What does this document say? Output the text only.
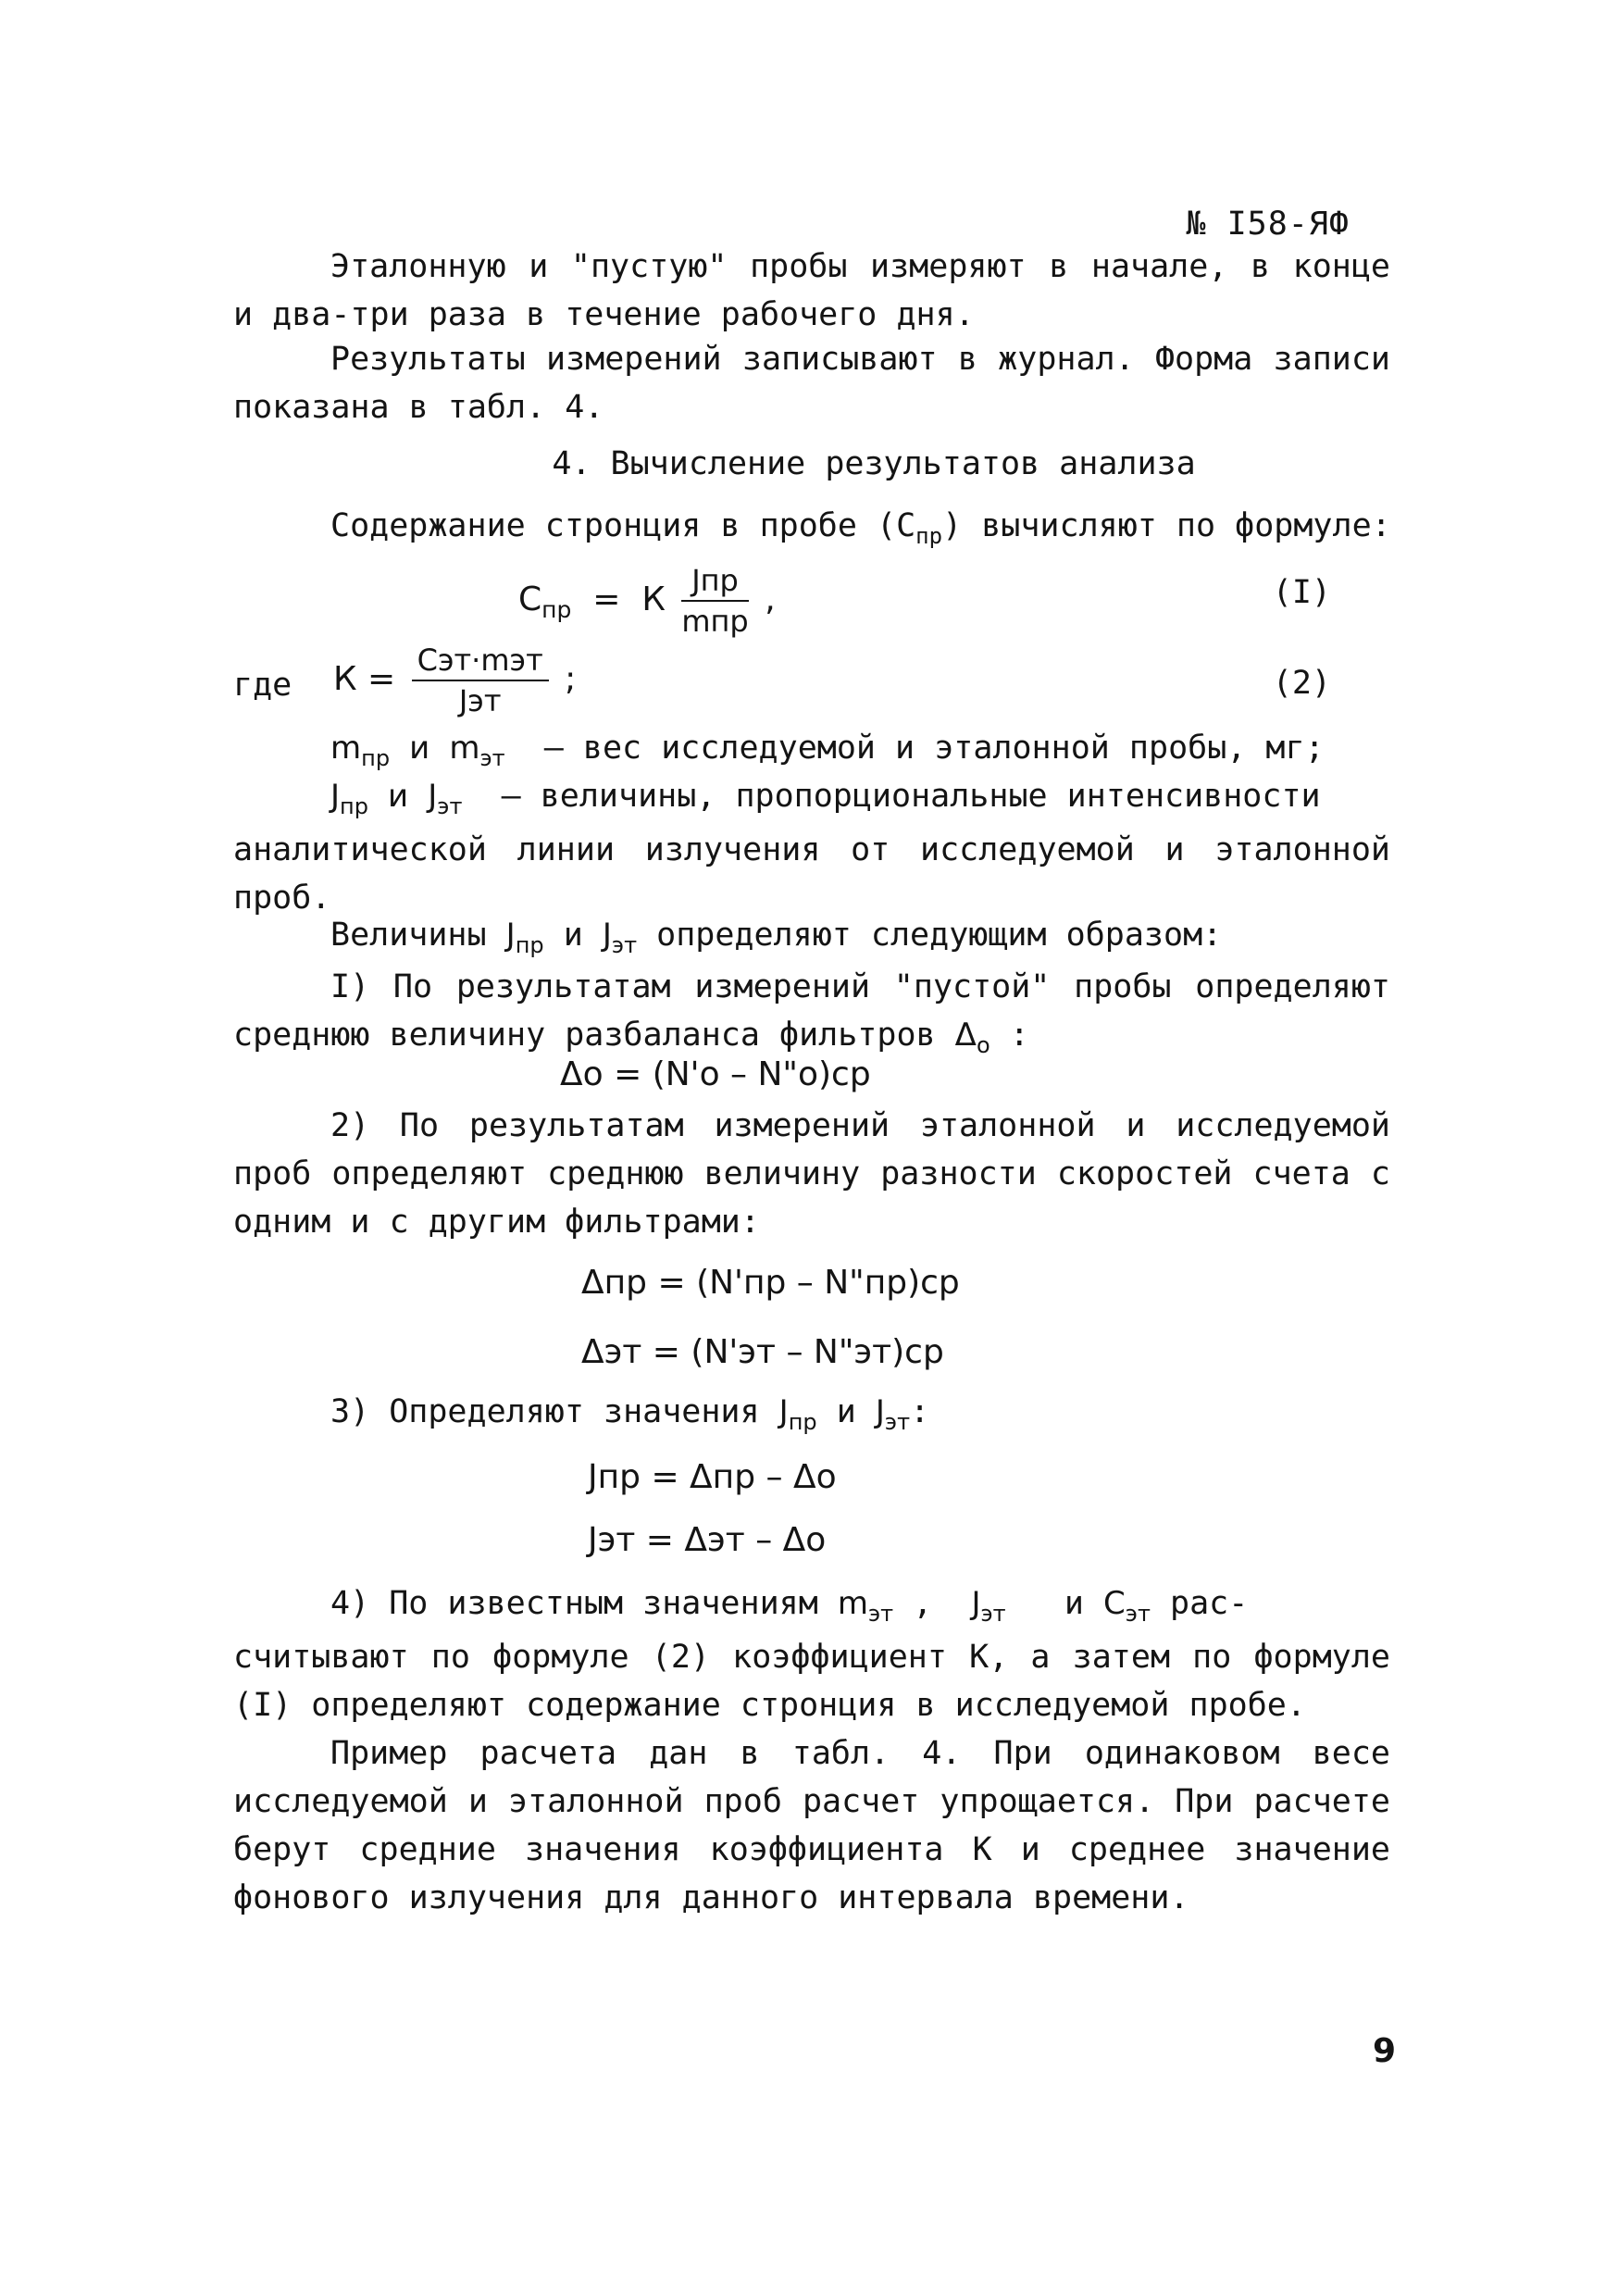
№ I58-ЯФ
Эталонную и "пустую" пробы измеряют в начале, в конце и два-три раза в течение рабочего дня.
Результаты измерений записывают в журнал. Форма записи показана в табл. 4.
4. Вычисление результатов анализа
Содержание стронция в пробе $(С_{пр})$ вычисляют по формуле:
$С_{пр} = К \frac{\text{Jпр}}{\text{mпр}}$ ,	(I)
где $К = \frac{\text{Cэт·mэт}}{\text{Jэт}}$ ;	(2)
$m_{пр}$ и $m_{эт}$ – вес исследуемой и эталонной пробы, мг;
$J_{пр}$ и $J_{эт}$ – величины, пропорциональные интенсивности
аналитической линии излучения от исследуемой и эталонной проб.
Величины $J_{пр}$ и $J_{эт}$ определяют следующим образом:
I) По результатам измерений "пустой" пробы определяют среднюю величину разбаланса фильтров $\Delta_o$ :
Δo = (N'o – N"o)ср
2) По результатам измерений эталонной и исследуемой проб определяют среднюю величину разности скоростей счета с одним и с другим фильтрами:
Δпр = (N'пр – N"пр)ср
Δэт = (N'эт – N"эт)ср
3) Определяют значения $J_{пр}$ и $J_{эт}$:
Jпр = Δпр – Δo
Jэт = Δэт – Δo
4) По известным значениям $m_{эт}$ ,  $J_{эт}$ и $C_{эт}$ рас-
считывают по формуле (2) коэффициент К, а затем по формуле (I) определяют содержание стронция в исследуемой пробе.
Пример расчета дан в табл. 4. При одинаковом весе исследуемой и эталонной проб расчет упрощается. При расчете берут средние значения коэффициента К и среднее значение фонового излучения для данного интервала времени.
9
